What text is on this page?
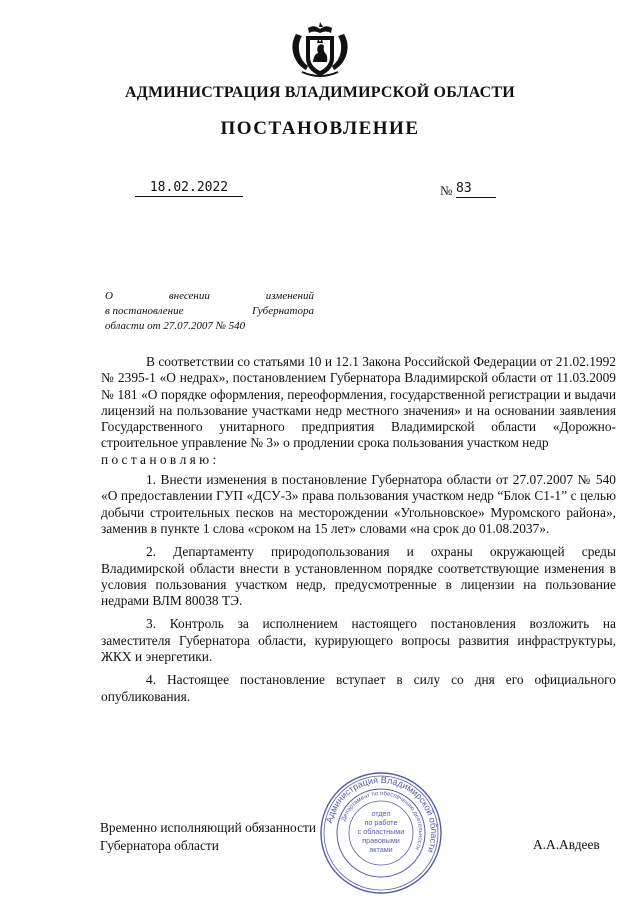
АДМИНИСТРАЦИЯ ВЛАДИМИРСКОЙ ОБЛАСТИ
ПОСТАНОВЛЕНИЕ
18.02.2022	№ 83
О	внесении	изменений
в постановление	Губернатора
области от 27.07.2007 № 540

В соответствии со статьями 10 и 12.1 Закона Российской Федерации от 21.02.1992 № 2395-1 «О недрах», постановлением Губернатора Владимирской области от 11.03.2009 № 181 «О порядке оформления, переоформления, государственной регистрации и выдачи лицензий на пользование участками недр местного значения» и на основании заявления Государственного унитарного предприятия Владимирской области «Дорожно-строительное управление № 3» о продлении срока пользования участком недр

п о с т а н о в л я ю :

1. Внести изменения в постановление Губернатора области от 27.07.2007 № 540 «О предоставлении ГУП «ДСУ-3» права пользования участком недр “Блок С1-1” с целью добычи строительных песков на месторождении «Угольновское» Муромского района», заменив в пункте 1 слова «сроком на 15 лет» словами «на срок до 01.08.2037».

2. Департаменту природопользования и охраны окружающей среды Владимирской области внести в установленном порядке соответствующие изменения в условия пользования участком недр, предусмотренные в лицензии на пользование недрами ВЛМ 80038 ТЭ.

3. Контроль за исполнением настоящего постановления возложить на заместителя Губернатора области, курирующего вопросы развития инфраструктуры, ЖКХ и энергетики.

4. Настоящее постановление вступает в силу со дня его официального опубликования.

Временно исполняющий обязанности
Губернатора области	А.А.Авдеев
Администрация Владимирской области
Департамент по обеспечению деятельности
отдел
по работе
с областными
правовыми
актами
